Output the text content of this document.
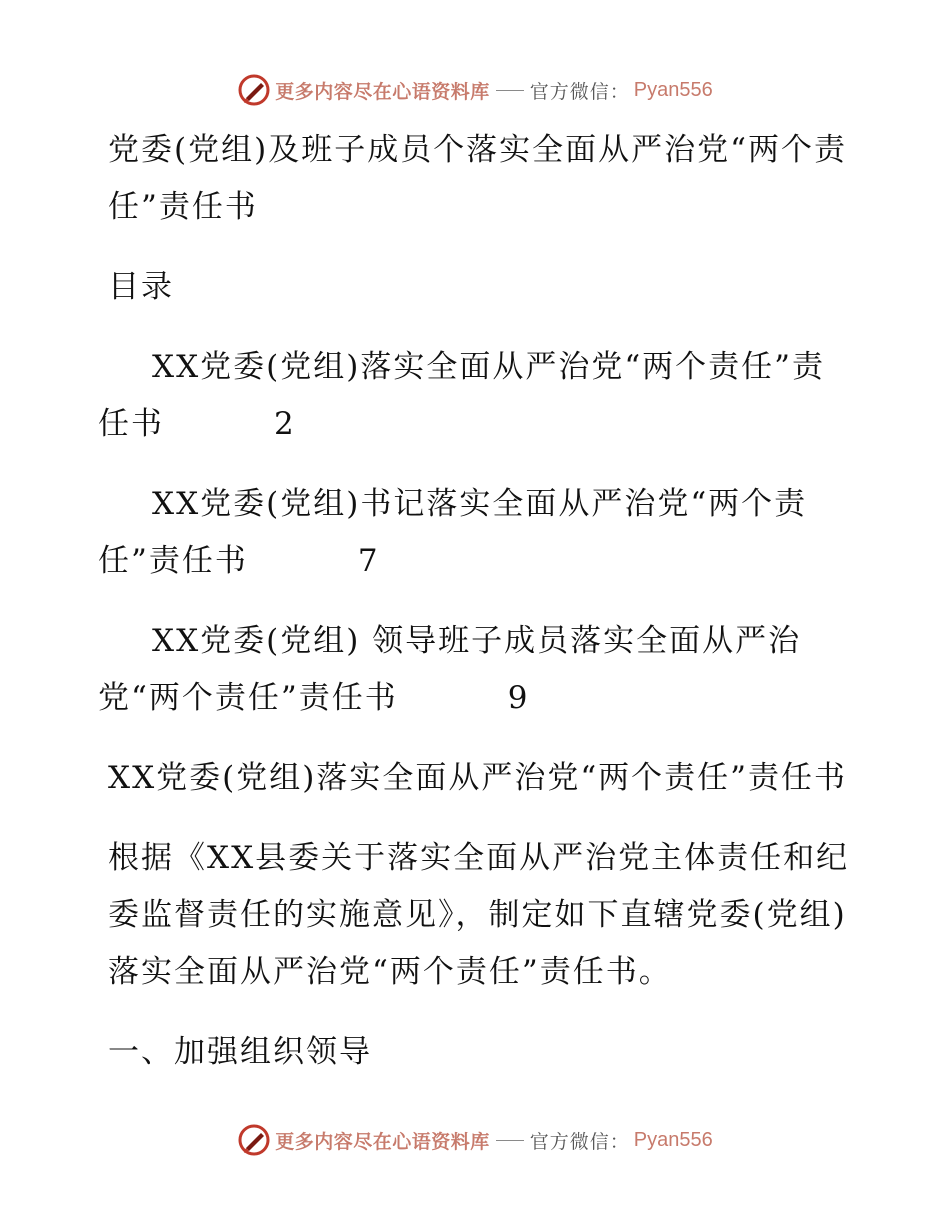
更多内容尽在心语资料库 官方微信： Pyan556

党委(党组)及班子成员个落实全面从严治党“两个责任”责任书

目录

XX党委(党组)落实全面从严治党“两个责任”责任书	2

XX党委(党组)书记落实全面从严治党“两个责任”责任书	7

XX党委(党组) 领导班子成员落实全面从严治党“两个责任”责任书	9

XX党委(党组)落实全面从严治党“两个责任”责任书

根据《XX县委关于落实全面从严治党主体责任和纪委监督责任的实施意见》，制定如下直辖党委(党组)落实全面从严治党“两个责任”责任书。

一、加强组织领导

更多内容尽在心语资料库 官方微信： Pyan556
